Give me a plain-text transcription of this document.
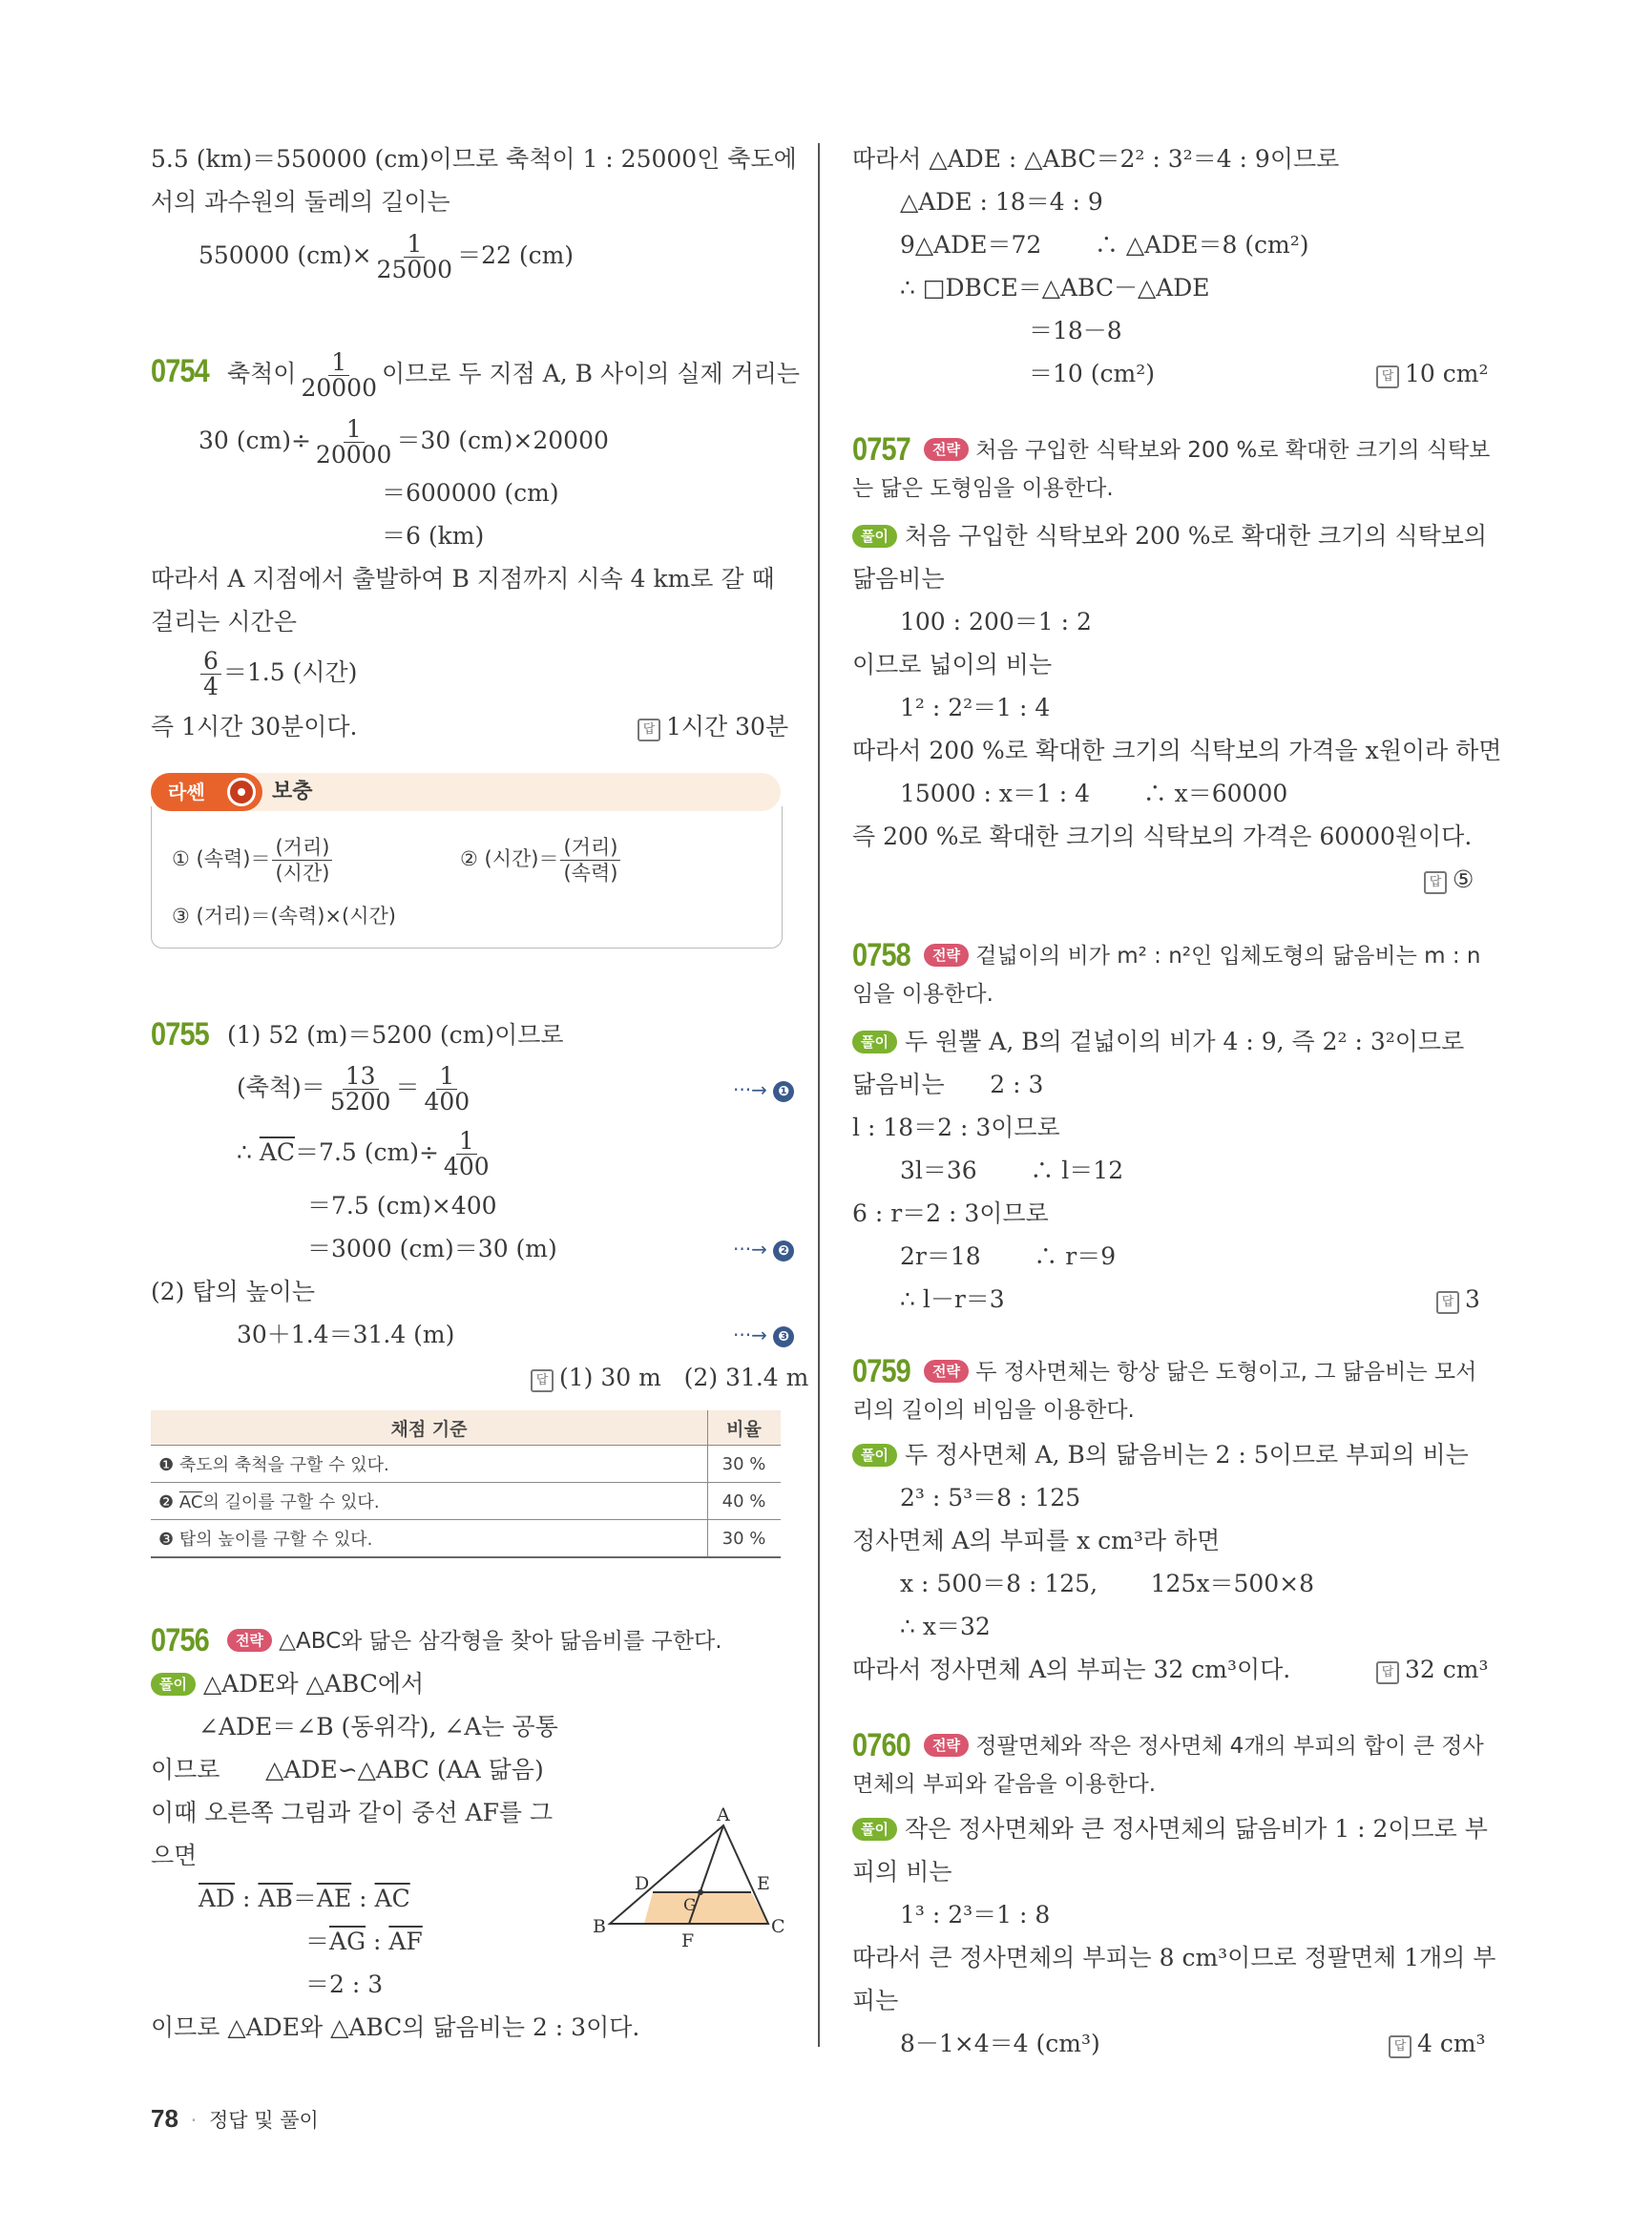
5.5 (km)＝550000 (cm)이므로 축척이 1 : 25000인 축도에
서의 과수원의 둘레의 길이는
550000 $(cm)\times \frac{1}{25000} =22$ (cm)
0754 축척이 $\frac{1}{20000}$ 이므로 두 지점 A, B 사이의 실제 거리는
30 $(cm)\div \frac{1}{20000} =30$ (cm)×20000
＝600000 (cm)
＝6 (km)
따라서 A 지점에서 출발하여 B 지점까지 시속 4 km로 갈 때
걸리는 시간은
$\frac{6}{4} =1.5$ (시간)
즉 1시간 30분이다.	답 1시간 30분
라쎈	보충
① (속력)＝ $\frac{\text{(거리)}}{\text{(시간)}}$	② (시간)＝ $\frac{\text{(거리)}}{\text{(속력)}}$
③ (거리)＝(속력)×(시간)
0755 (1) 52 (m)＝5200 (cm)이므로
(축척)＝ $\frac{13}{5200} = \frac{1}{400}$	···→ ❶
∴ $\overline{AC}=7.5$ $(cm)\div \frac{1}{400}$
＝7.5 (cm)×400
＝3000 (cm)＝30 (m)	···→ ❷
(2) 탑의 높이는
30＋1.4＝31.4 (m)	···→ ❸
답 (1) 30 m   (2) 31.4 m
채점 기준	비율
❶ 축도의 축척을 구할 수 있다.	30 %
❷ $\overline{AC}$의 길이를 구할 수 있다.	40 %
❸ 탑의 높이를 구할 수 있다.	30 %
0756	전략 △ABC와 닮은 삼각형을 찾아 닮음비를 구한다.
풀이 △ADE와 △ABC에서
∠ADE＝∠B (동위각), ∠A는 공통
이므로      △ADE∽△ABC (AA 닮음)
이때 오른쪽 그림과 같이 중선 AF를 그
으면
$\overline{AD}$ : $\overline{AB}=\overline{AE}$ : $\overline{AC}$
$=\overline{AG}$ : $\overline{AF}$
＝2 : 3
이므로 △ADE와 △ABC의 닮음비는 2 : 3이다.
A
B	C
D	E
F
G
따라서 △ADE : △ABC＝2² : 3²＝4 : 9이므로
△ADE : 18＝4 : 9
9△ADE＝72       ∴ △ADE＝8 (cm²)
∴ □DBCE＝△ABC－△ADE
＝18－8
＝10 (cm²)	답 10 cm²
0757	전략 처음 구입한 식탁보와 200 %로 확대한 크기의 식탁보
는 닮은 도형임을 이용한다.
풀이 처음 구입한 식탁보와 200 %로 확대한 크기의 식탁보의
닮음비는
100 : 200＝1 : 2
이므로 넓이의 비는
1² : 2²＝1 : 4
따라서 200 %로 확대한 크기의 식탁보의 가격을 x원이라 하면
15000 : x＝1 : 4       ∴ x＝60000
즉 200 %로 확대한 크기의 식탁보의 가격은 60000원이다.
답 ⑤
0758	전략 겉넓이의 비가 m² : n²인 입체도형의 닮음비는 m : n
임을 이용한다.
풀이 두 원뿔 A, B의 겉넓이의 비가 4 : 9, 즉 2² : 3²이므로
닮음비는      2 : 3
l : 18＝2 : 3이므로
3l＝36       ∴ l＝12
6 : r＝2 : 3이므로
2r＝18       ∴ r＝9
∴ l－r＝3	답 3
0759	전략 두 정사면체는 항상 닮은 도형이고, 그 닮음비는 모서
리의 길이의 비임을 이용한다.
풀이 두 정사면체 A, B의 닮음비는 2 : 5이므로 부피의 비는
2³ : 5³＝8 : 125
정사면체 A의 부피를 x cm³라 하면
x : 500＝8 : 125,       125x＝500×8
∴ x＝32
따라서 정사면체 A의 부피는 32 cm³이다.	답 32 cm³
0760	전략 정팔면체와 작은 정사면체 4개의 부피의 합이 큰 정사
면체의 부피와 같음을 이용한다.
풀이 작은 정사면체와 큰 정사면체의 닮음비가 1 : 2이므로 부
피의 비는
1³ : 2³＝1 : 8
따라서 큰 정사면체의 부피는 8 cm³이므로 정팔면체 1개의 부
피는
8－1×4＝4 (cm³)	답 4 cm³
78 · 정답 및 풀이
